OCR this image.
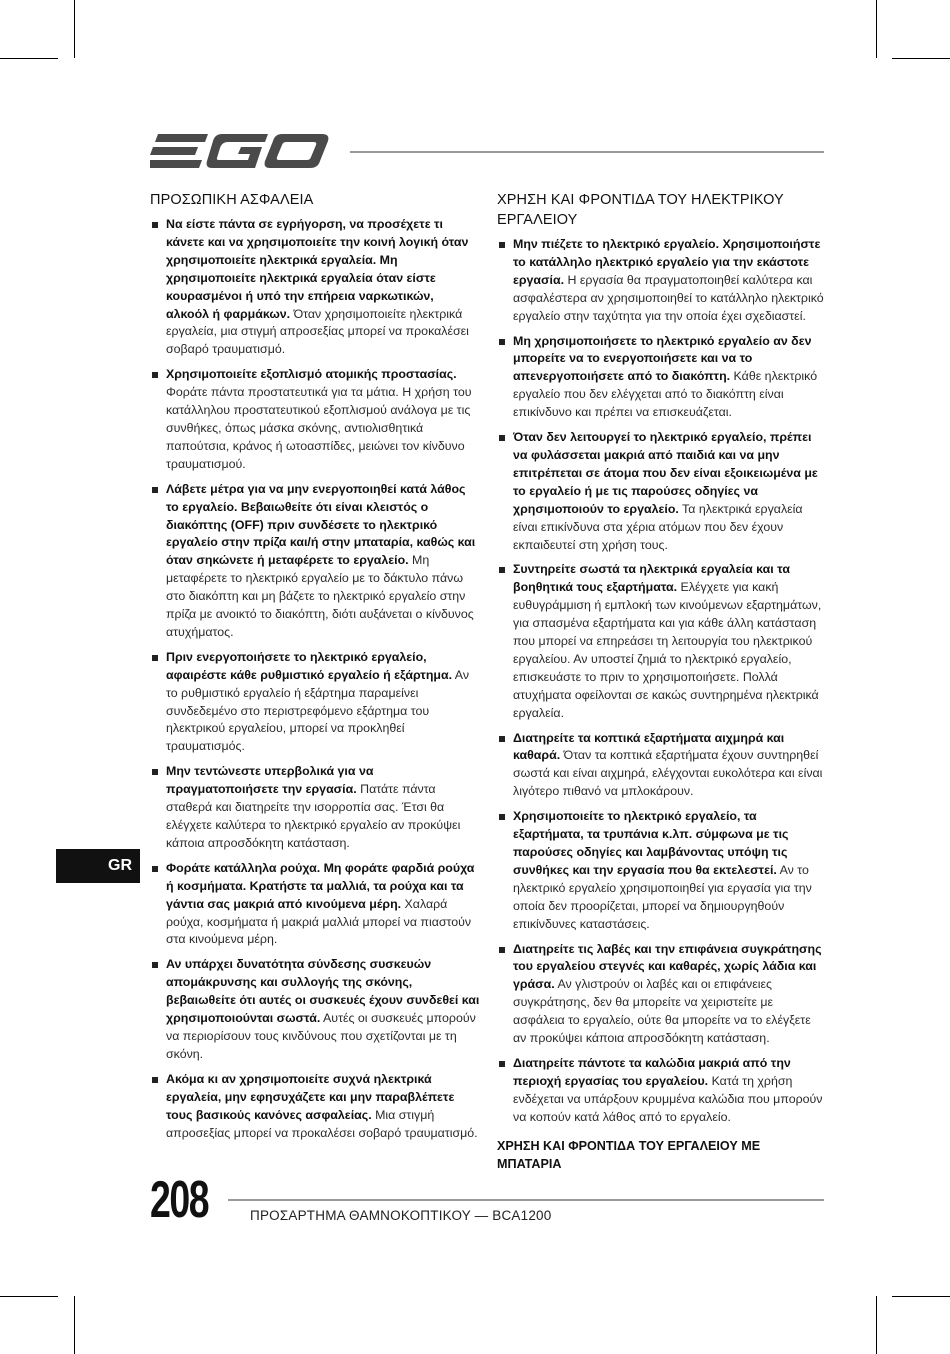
ΠΡΟΣΩΠΙΚΗ ΑΣΦΑΛΕΙΑ
Να είστε πάντα σε εγρήγορση, να προσέχετε τι κάνετε και να χρησιμοποιείτε την κοινή λογική όταν χρησιμοποιείτε ηλεκτρικά εργαλεία. Μη χρησιμοποιείτε ηλεκτρικά εργαλεία όταν είστε κουρασμένοι ή υπό την επήρεια ναρκωτικών, αλκοόλ ή φαρμάκων. Όταν χρησιμοποιείτε ηλεκτρικά εργαλεία, μια στιγμή απροσεξίας μπορεί να προκαλέσει σοβαρό τραυματισμό.
Χρησιμοποιείτε εξοπλισμό ατομικής προστασίας. Φοράτε πάντα προστατευτικά για τα μάτια. Η χρήση του κατάλληλου προστατευτικού εξοπλισμού ανάλογα με τις συνθήκες, όπως μάσκα σκόνης, αντιολισθητικά παπούτσια, κράνος ή ωτοασπίδες, μειώνει τον κίνδυνο τραυματισμού.
Λάβετε μέτρα για να μην ενεργοποιηθεί κατά λάθος το εργαλείο. Βεβαιωθείτε ότι είναι κλειστός ο διακόπτης (OFF) πριν συνδέσετε το ηλεκτρικό εργαλείο στην πρίζα και/ή στην μπαταρία, καθώς και όταν σηκώνετε ή μεταφέρετε το εργαλείο. Μη μεταφέρετε το ηλεκτρικό εργαλείο με το δάκτυλο πάνω στο διακόπτη και μη βάζετε το ηλεκτρικό εργαλείο στην πρίζα με ανοικτό το διακόπτη, διότι αυξάνεται ο κίνδυνος ατυχήματος.
Πριν ενεργοποιήσετε το ηλεκτρικό εργαλείο, αφαιρέστε κάθε ρυθμιστικό εργαλείο ή εξάρτημα. Αν το ρυθμιστικό εργαλείο ή εξάρτημα παραμείνει συνδεδεμένο στο περιστρεφόμενο εξάρτημα του ηλεκτρικού εργαλείου, μπορεί να προκληθεί τραυματισμός.
Μην τεντώνεστε υπερβολικά για να πραγματοποιήσετε την εργασία. Πατάτε πάντα σταθερά και διατηρείτε την ισορροπία σας. Έτσι θα ελέγχετε καλύτερα το ηλεκτρικό εργαλείο αν προκύψει κάποια απροσδόκητη κατάσταση.
Φοράτε κατάλληλα ρούχα. Μη φοράτε φαρδιά ρούχα ή κοσμήματα. Κρατήστε τα μαλλιά, τα ρούχα και τα γάντια σας μακριά από κινούμενα μέρη. Χαλαρά ρούχα, κοσμήματα ή μακριά μαλλιά μπορεί να πιαστούν στα κινούμενα μέρη.
Αν υπάρχει δυνατότητα σύνδεσης συσκευών απομάκρυνσης και συλλογής της σκόνης, βεβαιωθείτε ότι αυτές οι συσκευές έχουν συνδεθεί και χρησιμοποιούνται σωστά. Αυτές οι συσκευές μπορούν να περιορίσουν τους κινδύνους που σχετίζονται με τη σκόνη.
Ακόμα κι αν χρησιμοποιείτε συχνά ηλεκτρικά εργαλεία, μην εφησυχάζετε και μην παραβλέπετε τους βασικούς κανόνες ασφαλείας. Μια στιγμή απροσεξίας μπορεί να προκαλέσει σοβαρό τραυματισμό.
ΧΡΗΣΗ ΚΑΙ ΦΡΟΝΤΙΔΑ ΤΟΥ ΗΛΕΚΤΡΙΚΟΥ ΕΡΓΑΛΕΙΟΥ
Μην πιέζετε το ηλεκτρικό εργαλείο. Χρησιμοποιήστε το κατάλληλο ηλεκτρικό εργαλείο για την εκάστοτε εργασία. Η εργασία θα πραγματοποιηθεί καλύτερα και ασφαλέστερα αν χρησιμοποιηθεί το κατάλληλο ηλεκτρικό εργαλείο στην ταχύτητα για την οποία έχει σχεδιαστεί.
Μη χρησιμοποιήσετε το ηλεκτρικό εργαλείο αν δεν μπορείτε να το ενεργοποιήσετε και να το απενεργοποιήσετε από το διακόπτη. Κάθε ηλεκτρικό εργαλείο που δεν ελέγχεται από το διακόπτη είναι επικίνδυνο και πρέπει να επισκευάζεται.
Όταν δεν λειτουργεί το ηλεκτρικό εργαλείο, πρέπει να φυλάσσεται μακριά από παιδιά και να μην επιτρέπεται σε άτομα που δεν είναι εξοικειωμένα με το εργαλείο ή με τις παρούσες οδηγίες να χρησιμοποιούν το εργαλείο. Τα ηλεκτρικά εργαλεία είναι επικίνδυνα στα χέρια ατόμων που δεν έχουν εκπαιδευτεί στη χρήση τους.
Συντηρείτε σωστά τα ηλεκτρικά εργαλεία και τα βοηθητικά τους εξαρτήματα. Ελέγχετε για κακή ευθυγράμμιση ή εμπλοκή των κινούμενων εξαρτημάτων, για σπασμένα εξαρτήματα και για κάθε άλλη κατάσταση που μπορεί να επηρεάσει τη λειτουργία του ηλεκτρικού εργαλείου. Αν υποστεί ζημιά το ηλεκτρικό εργαλείο, επισκευάστε το πριν το χρησιμοποιήσετε. Πολλά ατυχήματα οφείλονται σε κακώς συντηρημένα ηλεκτρικά εργαλεία.
Διατηρείτε τα κοπτικά εξαρτήματα αιχμηρά και καθαρά. Όταν τα κοπτικά εξαρτήματα έχουν συντηρηθεί σωστά και είναι αιχμηρά, ελέγχονται ευκολότερα και είναι λιγότερο πιθανό να μπλοκάρουν.
Χρησιμοποιείτε το ηλεκτρικό εργαλείο, τα εξαρτήματα, τα τρυπάνια κ.λπ. σύμφωνα με τις παρούσες οδηγίες και λαμβάνοντας υπόψη τις συνθήκες και την εργασία που θα εκτελεστεί. Αν το ηλεκτρικό εργαλείο χρησιμοποιηθεί για εργασία για την οποία δεν προορίζεται, μπορεί να δημιουργηθούν επικίνδυνες καταστάσεις.
Διατηρείτε τις λαβές και την επιφάνεια συγκράτησης του εργαλείου στεγνές και καθαρές, χωρίς λάδια και γράσα. Αν γλιστρούν οι λαβές και οι επιφάνειες συγκράτησης, δεν θα μπορείτε να χειριστείτε με ασφάλεια το εργαλείο, ούτε θα μπορείτε να το ελέγξετε αν προκύψει κάποια απροσδόκητη κατάσταση.
Διατηρείτε πάντοτε τα καλώδια μακριά από την περιοχή εργασίας του εργαλείου. Κατά τη χρήση ενδέχεται να υπάρξουν κρυμμένα καλώδια που μπορούν να κοπούν κατά λάθος από το εργαλείο.
ΧΡΗΣΗ ΚΑΙ ΦΡΟΝΤΙΔΑ ΤΟΥ ΕΡΓΑΛΕΙΟΥ ΜΕ ΜΠΑΤΑΡΙΑ
GR
208	ΠΡΟΣΑΡΤΗΜΑ ΘΑΜΝΟΚΟΠΤΙΚΟΥ — BCA1200
